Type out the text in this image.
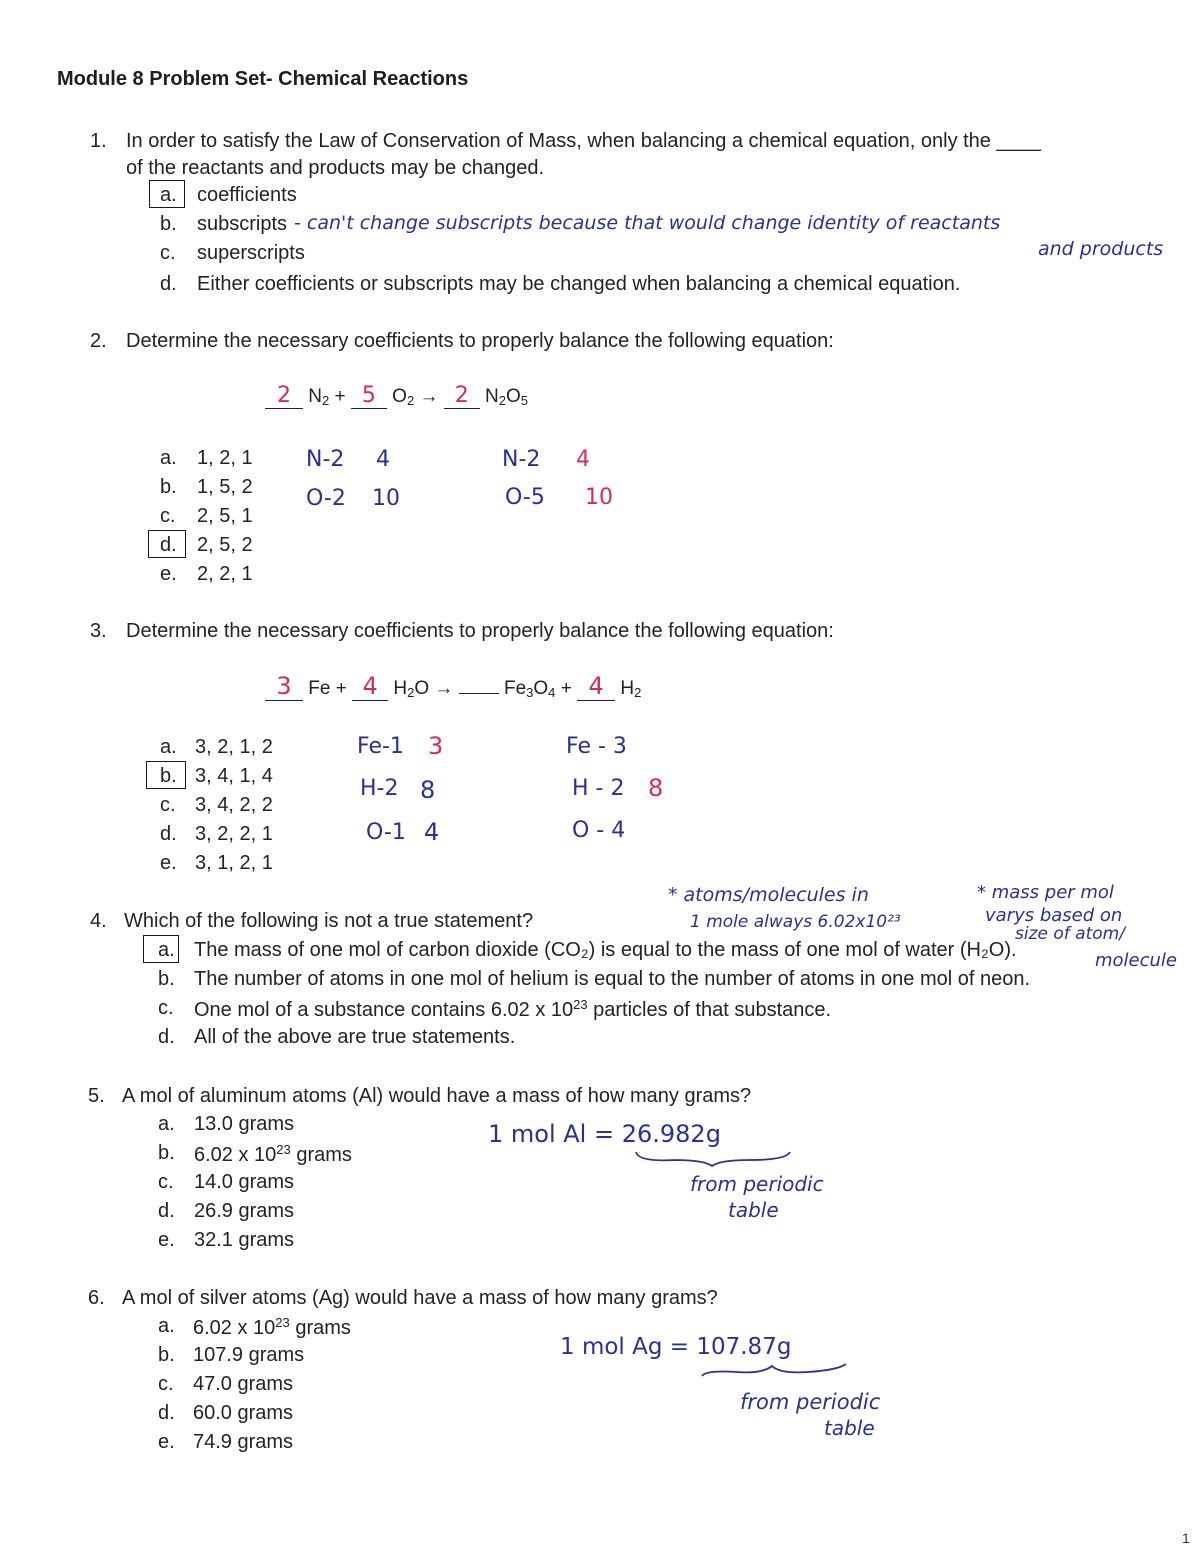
Module 8 Problem Set- Chemical Reactions
1. In order to satisfy the Law of Conservation of Mass, when balancing a chemical equation, only the ____
of the reactants and products may be changed.
a. coefficients
b. subscripts
c. superscripts
d. Either coefficients or subscripts may be changed when balancing a chemical equation.
- can't change subscripts because that would change identity of reactants
and products
2. Determine the necessary coefficients to properly balance the following equation:
2 $N_2 + 5$ $O_2 \to 2$ $N_2O_5$
a. 1, 2, 1
b. 1, 5, 2
c. 2, 5, 1
d. 2, 5, 2
e. 2, 2, 1
N-2 4
O-2 10
N-2 4
O-5 10
3. Determine the necessary coefficients to properly balance the following equation:
3 Fe + 4 $H_2O \to Fe_3O_4 + 4$ $H_2$
a. 3, 2, 1, 2
b. 3, 4, 1, 4
c. 3, 4, 2, 2
d. 3, 2, 2, 1
e. 3, 1, 2, 1
Fe-1 3
H-2 8
O-1 4
Fe - 3
H - 2 8
O - 4
* atoms/molecules in
1 mole always 6.02x10²³
* mass per mol
varys based on
size of atom/
molecule
4. Which of the following is not a true statement?
a. The mass of one mol of carbon dioxide (CO₂) is equal to the mass of one mol of water (H₂O).
b. The number of atoms in one mol of helium is equal to the number of atoms in one mol of neon.
c. One mol of a substance contains 6.02 x $10^{23}$ particles of that substance.
d. All of the above are true statements.
5. A mol of aluminum atoms (Al) would have a mass of how many grams?
a. 13.0 grams
b. 6.02 x $10^{23}$ grams
c. 14.0 grams
d. 26.9 grams
e. 32.1 grams
1 mol Al = 26.982g
from periodic
table
6. A mol of silver atoms (Ag) would have a mass of how many grams?
a. 6.02 x $10^{23}$ grams
b. 107.9 grams
c. 47.0 grams
d. 60.0 grams
e. 74.9 grams
1 mol Ag = 107.87g
from periodic
table
1
